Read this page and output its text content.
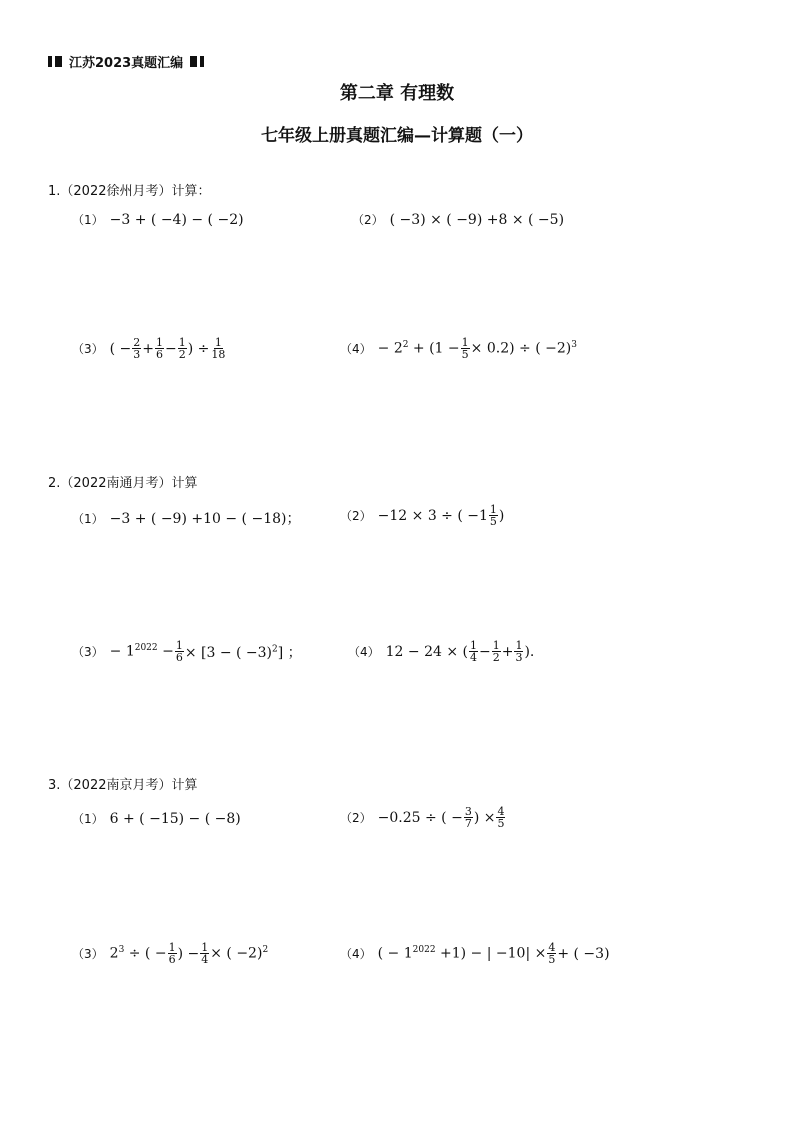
江苏2023真题汇编
第二章 有理数
七年级上册真题汇编—计算题（一）
1.（2022徐州月考）计算：
（1） −3 + ( −4) − ( −2)	（2） ( −3) × ( −9) +8 × ( −5)
（3） ( − $\frac{2}{3} + \frac{1}{6} - \frac{1}{2}$ ) ÷ $\frac{1}{18}$	$(4) - 2^2 + (1 - \frac{1}{5} \times 0.2)$ ÷ ( −2)$^3$
2.（2022南通月考）计算
（1） −3 + ( −9) +10 − ( −18)；	（2） −12 × 3 ÷ ( $-1 \frac{1}{5}$ )
$(3) - 1^{2022} - \frac{1}{6} \times [3$ − ( −3)$^2$] ；	（4） 12 − 24 × ( $\frac{1}{4} - \frac{1}{2} + \frac{1}{3}$ ).
3.（2022南京月考）计算
（1） 6 + ( −15) − ( −8)	（2） −0.25 ÷ ( − $\frac{3}{7}$ ) × $\frac{4}{5}$
（3） $2^3$ ÷ ( − $\frac{1}{6}$ ) − $\frac{1}{4}$ × ( −2)$^2$	（4） ( − $1^{2022} +1$) − | $-10| \times \frac{4}{5}$ + ( −3)
